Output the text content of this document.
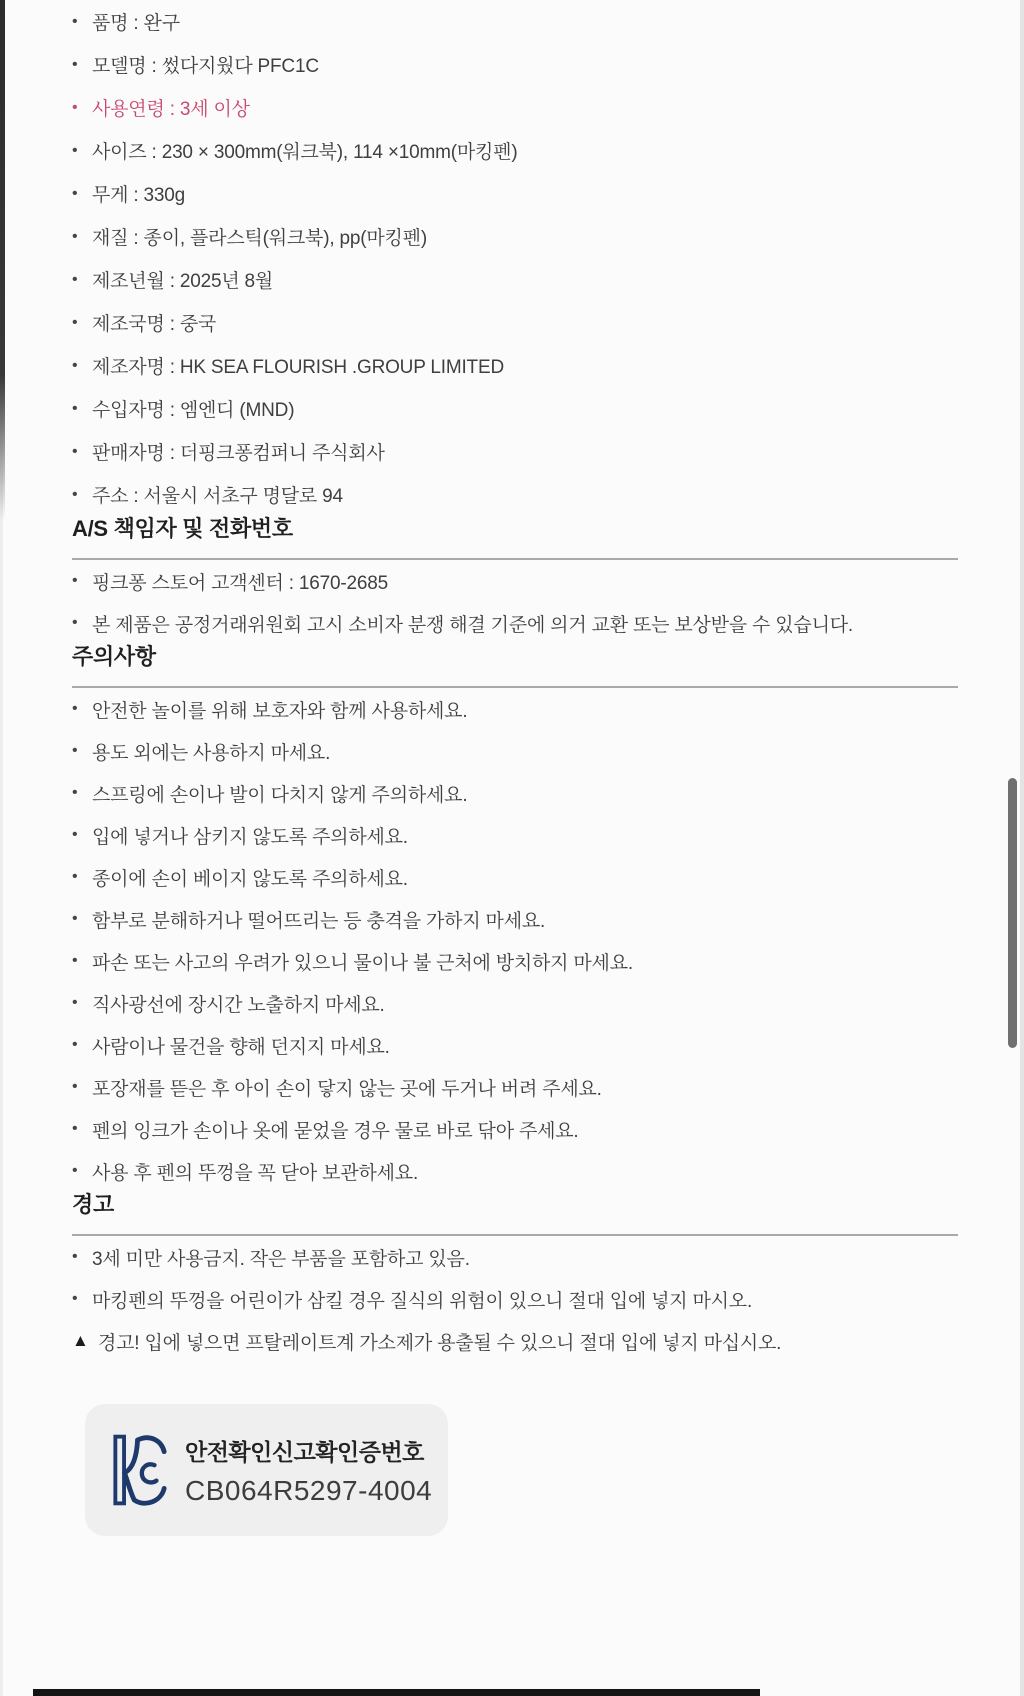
• 품명 : 완구
• 모델명 : 썼다지웠다 PFC1C
• 사용연령 : 3세 이상
• 사이즈 : 230 × 300mm(워크북), 114 ×10mm(마킹펜)
• 무게 : 330g
• 재질 : 종이, 플라스틱(워크북), pp(마킹펜)
• 제조년월 : 2025년 8월
• 제조국명 : 중국
• 제조자명 : HK SEA FLOURISH .GROUP LIMITED
• 수입자명 : 엠엔디 (MND)
• 판매자명 : 더핑크퐁컴퍼니 주식회사
• 주소 : 서울시 서초구 명달로 94
A/S 책임자 및 전화번호
• 핑크퐁 스토어 고객센터 : 1670-2685
• 본 제품은 공정거래위원회 고시 소비자 분쟁 해결 기준에 의거 교환 또는 보상받을 수 있습니다.
주의사항
• 안전한 놀이를 위해 보호자와 함께 사용하세요.
• 용도 외에는 사용하지 마세요.
• 스프링에 손이나 발이 다치지 않게 주의하세요.
• 입에 넣거나 삼키지 않도록 주의하세요.
• 종이에 손이 베이지 않도록 주의하세요.
• 함부로 분해하거나 떨어뜨리는 등 충격을 가하지 마세요.
• 파손 또는 사고의 우려가 있으니 물이나 불 근처에 방치하지 마세요.
• 직사광선에 장시간 노출하지 마세요.
• 사람이나 물건을 향해 던지지 마세요.
• 포장재를 뜯은 후 아이 손이 닿지 않는 곳에 두거나 버려 주세요.
• 펜의 잉크가 손이나 옷에 묻었을 경우 물로 바로 닦아 주세요.
• 사용 후 펜의 뚜껑을 꼭 닫아 보관하세요.
경고
• 3세 미만 사용금지. 작은 부품을 포함하고 있음.
• 마킹펜의 뚜껑을 어린이가 삼킬 경우 질식의 위험이 있으니 절대 입에 넣지 마시오.
▲ 경고! 입에 넣으면 프탈레이트계 가소제가 용출될 수 있으니 절대 입에 넣지 마십시오.
안전확인신고확인증번호
CB064R5297-4004
